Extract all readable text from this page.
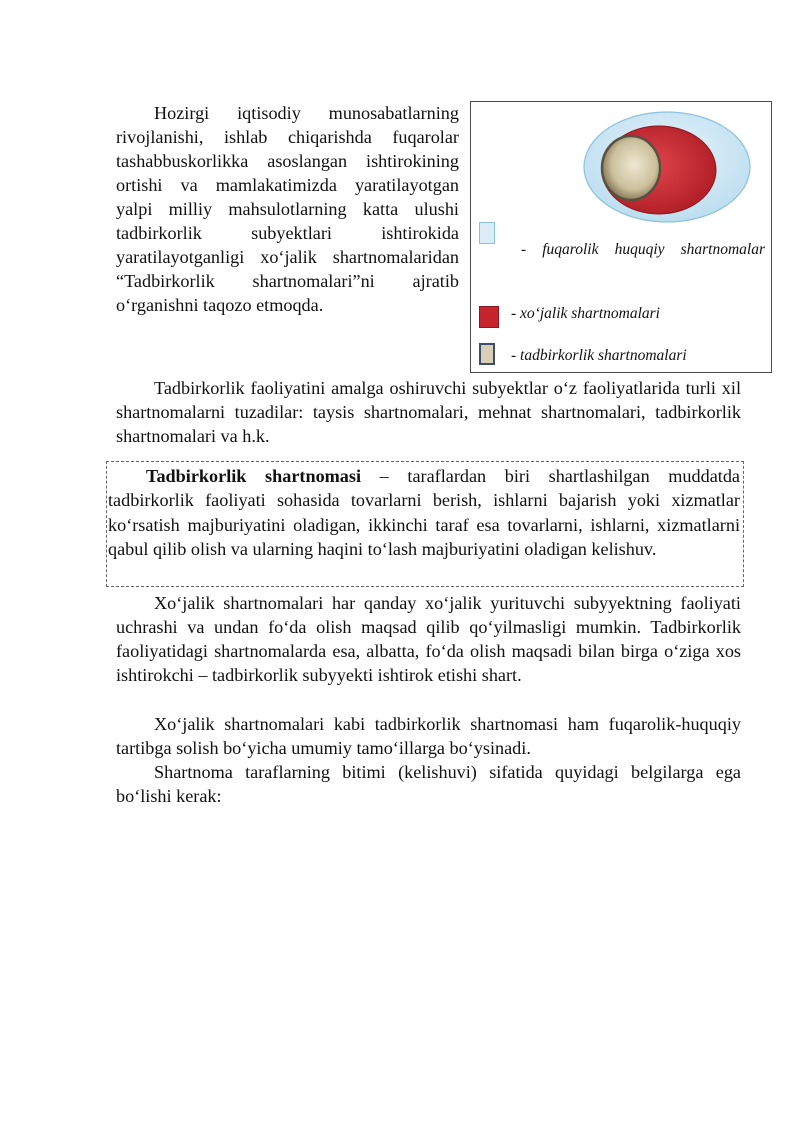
Hozirgi iqtisodiy munosabatlarning rivojlanishi, ishlab chiqarishda fuqarolar tashabbuskorlikka asoslangan ishtirokining ortishi va mamlakatimizda yaratilayotgan yalpi milliy mahsulotlarning katta ulushi tadbirkorlik subyektlari ishtirokida yaratilayotganligi xo‘jalik shartnomalaridan “Tadbirkorlik shartnomalari”ni ajratib o‘rganishni taqozo etmoqda.

- fuqarolik huquqiy shartnomalar
- xo‘jalik shartnomalari
- tadbirkorlik shartnomalari

Tadbirkorlik faoliyatini amalga oshiruvchi subyektlar o‘z faoliyatlarida turli xil shartnomalarni tuzadilar: taysis shartnomalari, mehnat shartnomalari, tadbirkorlik shartnomalari va h.k.

Tadbirkorlik shartnomasi – taraflardan biri shartlashilgan muddatda tadbirkorlik faoliyati sohasida tovarlarni berish, ishlarni bajarish yoki xizmatlar ko‘rsatish majburiyatini oladigan, ikkinchi taraf esa tovarlarni, ishlarni, xizmatlarni qabul qilib olish va ularning haqini to‘lash majburiyatini oladigan kelishuv.

Xo‘jalik shartnomalari har qanday xo‘jalik yurituvchi subyyektning faoliyati uchrashi va undan fo‘da olish maqsad qilib qo‘yilmasligi mumkin. Tadbirkorlik faoliyatidagi shartnomalarda esa, albatta, fo‘da olish maqsadi bilan birga o‘ziga xos ishtirokchi – tadbirkorlik subyyekti ishtirok etishi shart.

Xo‘jalik shartnomalari kabi tadbirkorlik shartnomasi ham fuqarolik-huquqiy tartibga solish bo‘yicha umumiy tamo‘illarga bo‘ysinadi.

Shartnoma taraflarning bitimi (kelishuvi) sifatida quyidagi belgilarga ega bo‘lishi kerak:
